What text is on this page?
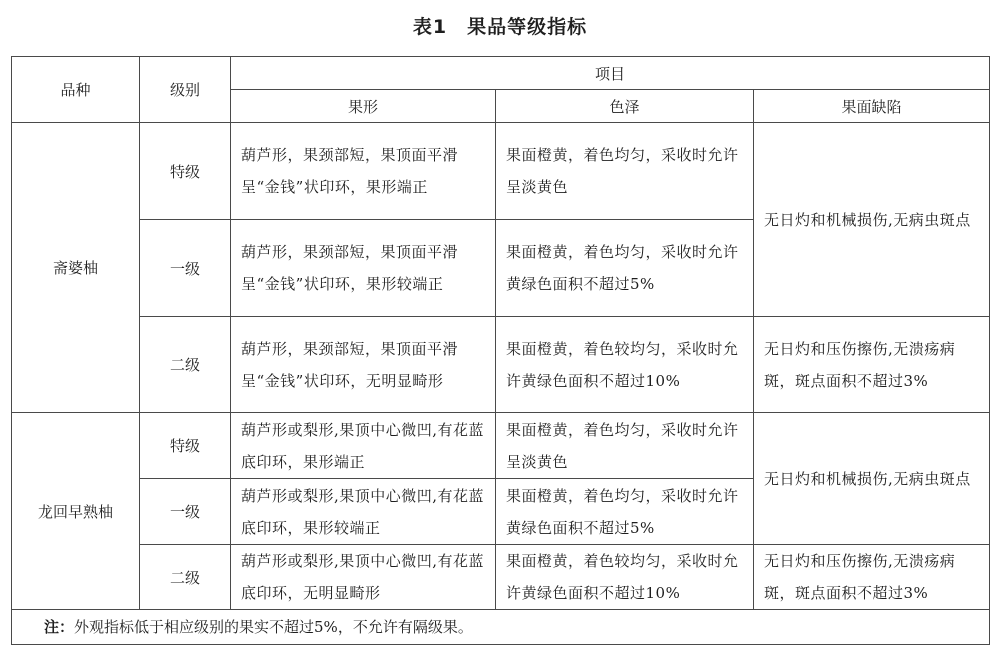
表1　果品等级指标
品种	级别	项目		
		果形	色泽	果面缺陷
斋婆柚	特级	葫芦形，果颈部短，果顶面平滑呈“金钱”状印环，果形端正	果面橙黄，着色均匀，采收时允许呈淡黄色	无日灼和机械损伤,无病虫斑点
	一级	葫芦形，果颈部短，果顶面平滑呈“金钱”状印环，果形较端正	果面橙黄，着色均匀，采收时允许黄绿色面积不超过5%	
	二级	葫芦形，果颈部短，果顶面平滑呈“金钱”状印环，无明显畸形	果面橙黄，着色较均匀，采收时允许黄绿色面积不超过10%	无日灼和压伤擦伤,无溃疡病斑，斑点面积不超过3%
龙回早熟柚	特级	葫芦形或梨形,果顶中心微凹,有花蓝底印环，果形端正	果面橙黄，着色均匀，采收时允许呈淡黄色	无日灼和机械损伤,无病虫斑点
	一级	葫芦形或梨形,果顶中心微凹,有花蓝底印环，果形较端正	果面橙黄，着色均匀，采收时允许黄绿色面积不超过5%	
	二级	葫芦形或梨形,果顶中心微凹,有花蓝底印环，无明显畸形	果面橙黄，着色较均匀，采收时允许黄绿色面积不超过10%	无日灼和压伤擦伤,无溃疡病斑，斑点面积不超过3%
注：外观指标低于相应级别的果实不超过5%，不允许有隔级果。				
